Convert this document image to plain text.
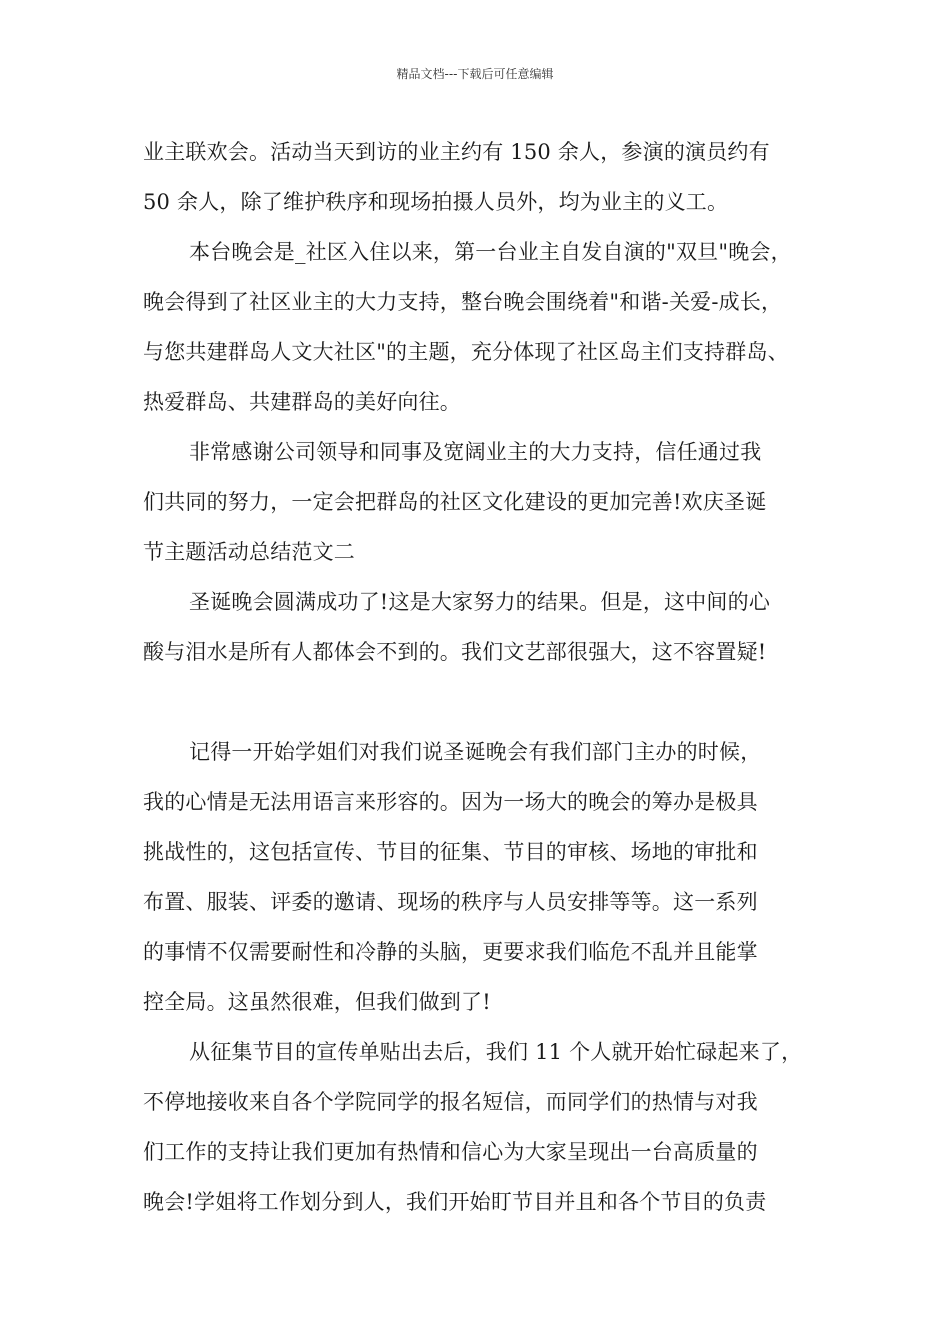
精品文档---下载后可任意编辑
业主联欢会。活动当天到访的业主约有 150 余人，参演的演员约有
50 余人，除了维护秩序和现场拍摄人员外，均为业主的义工。
本台晚会是_社区入住以来，第一台业主自发自演的"双旦"晚会，
晚会得到了社区业主的大力支持，整台晚会围绕着"和谐-关爱-成长，
与您共建群岛人文大社区"的主题，充分体现了社区岛主们支持群岛、
热爱群岛、共建群岛的美好向往。
非常感谢公司领导和同事及宽阔业主的大力支持，信任通过我
们共同的努力，一定会把群岛的社区文化建设的更加完善!欢庆圣诞
节主题活动总结范文二
圣诞晚会圆满成功了!这是大家努力的结果。但是，这中间的心
酸与泪水是所有人都体会不到的。我们文艺部很强大，这不容置疑!
记得一开始学姐们对我们说圣诞晚会有我们部门主办的时候，
我的心情是无法用语言来形容的。因为一场大的晚会的筹办是极具
挑战性的，这包括宣传、节目的征集、节目的审核、场地的审批和
布置、服装、评委的邀请、现场的秩序与人员安排等等。这一系列
的事情不仅需要耐性和冷静的头脑，更要求我们临危不乱并且能掌
控全局。这虽然很难，但我们做到了!
从征集节目的宣传单贴出去后，我们 11 个人就开始忙碌起来了，
不停地接收来自各个学院同学的报名短信，而同学们的热情与对我
们工作的支持让我们更加有热情和信心为大家呈现出一台高质量的
晚会!学姐将工作划分到人，我们开始盯节目并且和各个节目的负责
